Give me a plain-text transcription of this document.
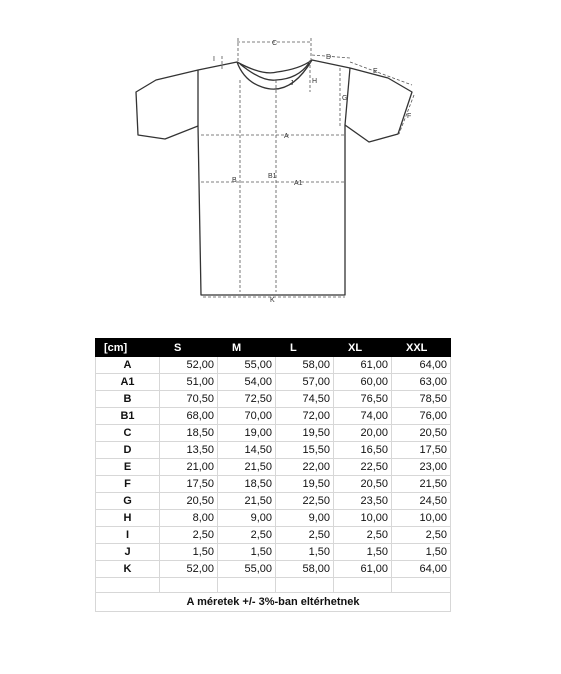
C
D
E
F
G
H
I
J
A
A1
B
B1
K
[cm]	S	M	L	XL	XXL
A	52,00	55,00	58,00	61,00	64,00
A1	51,00	54,00	57,00	60,00	63,00
B	70,50	72,50	74,50	76,50	78,50
B1	68,00	70,00	72,00	74,00	76,00
C	18,50	19,00	19,50	20,00	20,50
D	13,50	14,50	15,50	16,50	17,50
E	21,00	21,50	22,00	22,50	23,00
F	17,50	18,50	19,50	20,50	21,50
G	20,50	21,50	22,50	23,50	24,50
H	8,00	9,00	9,00	10,00	10,00
I	2,50	2,50	2,50	2,50	2,50
J	1,50	1,50	1,50	1,50	1,50
K	52,00	55,00	58,00	61,00	64,00

A méretek +/- 3%-ban eltérhetnek					
